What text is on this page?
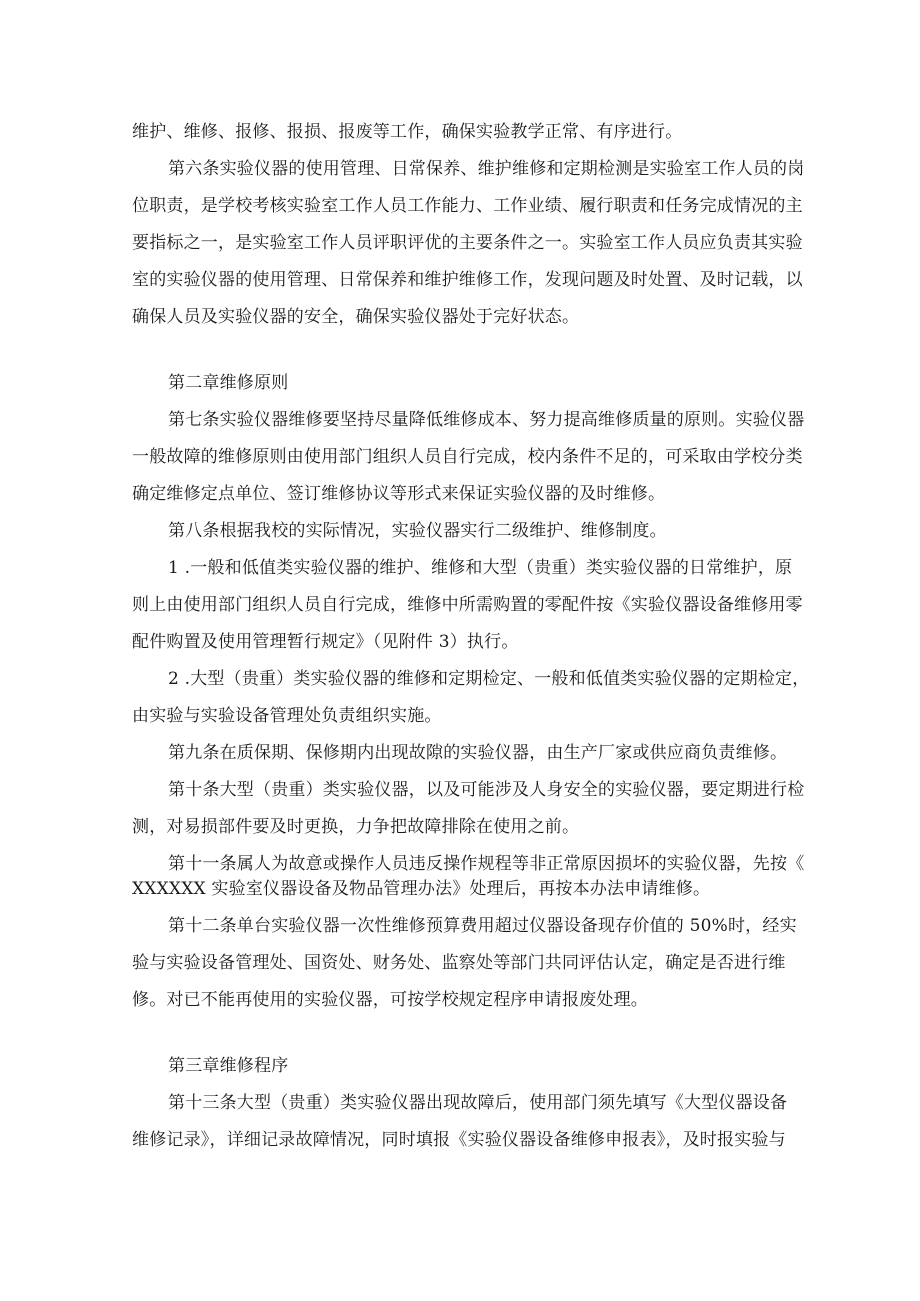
维护、维修、报修、报损、报废等工作，确保实验教学正常、有序进行。
第六条实验仪器的使用管理、日常保养、维护维修和定期检测是实验室工作人员的岗
位职责，是学校考核实验室工作人员工作能力、工作业绩、履行职责和任务完成情况的主
要指标之一，是实验室工作人员评职评优的主要条件之一。实验室工作人员应负责其实验
室的实验仪器的使用管理、日常保养和维护维修工作，发现问题及时处置、及时记载，以
确保人员及实验仪器的安全，确保实验仪器处于完好状态。
第二章维修原则
第七条实验仪器维修要坚持尽量降低维修成本、努力提高维修质量的原则。实验仪器
一般故障的维修原则由使用部门组织人员自行完成，校内条件不足的，可采取由学校分类
确定维修定点单位、签订维修协议等形式来保证实验仪器的及时维修。
第八条根据我校的实际情况，实验仪器实行二级维护、维修制度。
1 .一般和低值类实验仪器的维护、维修和大型（贵重）类实验仪器的日常维护，原
则上由使用部门组织人员自行完成，维修中所需购置的零配件按《实验仪器设备维修用零
配件购置及使用管理暂行规定》（见附件 3）执行。
2 .大型（贵重）类实验仪器的维修和定期检定、一般和低值类实验仪器的定期检定，
由实验与实验设备管理处负责组织实施。
第九条在质保期、保修期内出现故隙的实验仪器，由生产厂家或供应商负责维修。
第十条大型（贵重）类实验仪器，以及可能涉及人身安全的实验仪器，要定期进行检
测，对易损部件要及时更换，力争把故障排除在使用之前。
第十一条属人为故意或操作人员违反操作规程等非正常原因损坏的实验仪器，先按《
XXXXXX 实验室仪器设备及物品管理办法》处理后，再按本办法申请维修。
第十二条单台实验仪器一次性维修预算费用超过仪器设备现存价值的 50%时，经实
验与实验设备管理处、国资处、财务处、监察处等部门共同评估认定，确定是否进行维
修。对已不能再使用的实验仪器，可按学校规定程序申请报废处理。
第三章维修程序
第十三条大型（贵重）类实验仪器出现故障后，使用部门须先填写《大型仪器设备
维修记录》，详细记录故障情况，同时填报《实验仪器设备维修申报表》，及时报实验与
